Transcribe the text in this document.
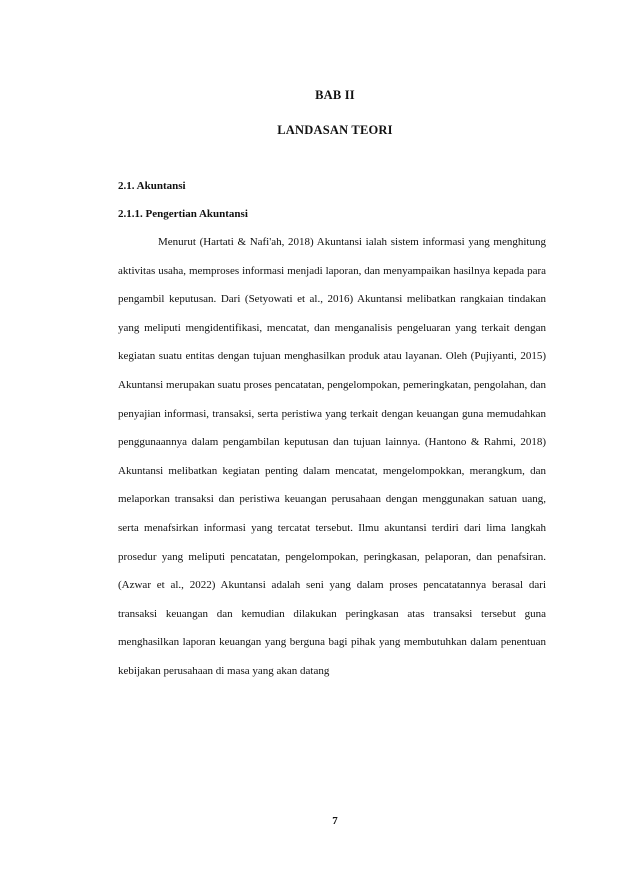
BAB II
LANDASAN TEORI
2.1. Akuntansi
2.1.1. Pengertian Akuntansi

Menurut (Hartati & Nafi'ah, 2018) Akuntansi ialah sistem informasi yang menghitung aktivitas usaha, memproses informasi menjadi laporan, dan menyampaikan hasilnya kepada para pengambil keputusan. Dari (Setyowati et al., 2016) Akuntansi melibatkan rangkaian tindakan yang meliputi mengidentifikasi, mencatat, dan menganalisis pengeluaran yang terkait dengan kegiatan suatu entitas dengan tujuan menghasilkan produk atau layanan. Oleh (Pujiyanti, 2015) Akuntansi merupakan suatu proses pencatatan, pengelompokan, pemeringkatan, pengolahan, dan penyajian informasi, transaksi, serta peristiwa yang terkait dengan keuangan guna memudahkan penggunaannya dalam pengambilan keputusan dan tujuan lainnya. (Hantono & Rahmi, 2018) Akuntansi melibatkan kegiatan penting dalam mencatat, mengelompokkan, merangkum, dan melaporkan transaksi dan peristiwa keuangan perusahaan dengan menggunakan satuan uang, serta menafsirkan informasi yang tercatat tersebut. Ilmu akuntansi terdiri dari lima langkah prosedur yang meliputi pencatatan, pengelompokan, peringkasan, pelaporan, dan penafsiran. (Azwar et al., 2022) Akuntansi adalah seni yang dalam proses pencatatannya berasal dari transaksi keuangan dan kemudian dilakukan peringkasan atas transaksi tersebut guna menghasilkan laporan keuangan yang berguna bagi pihak yang membutuhkan dalam penentuan kebijakan perusahaan di masa yang akan datang

7
